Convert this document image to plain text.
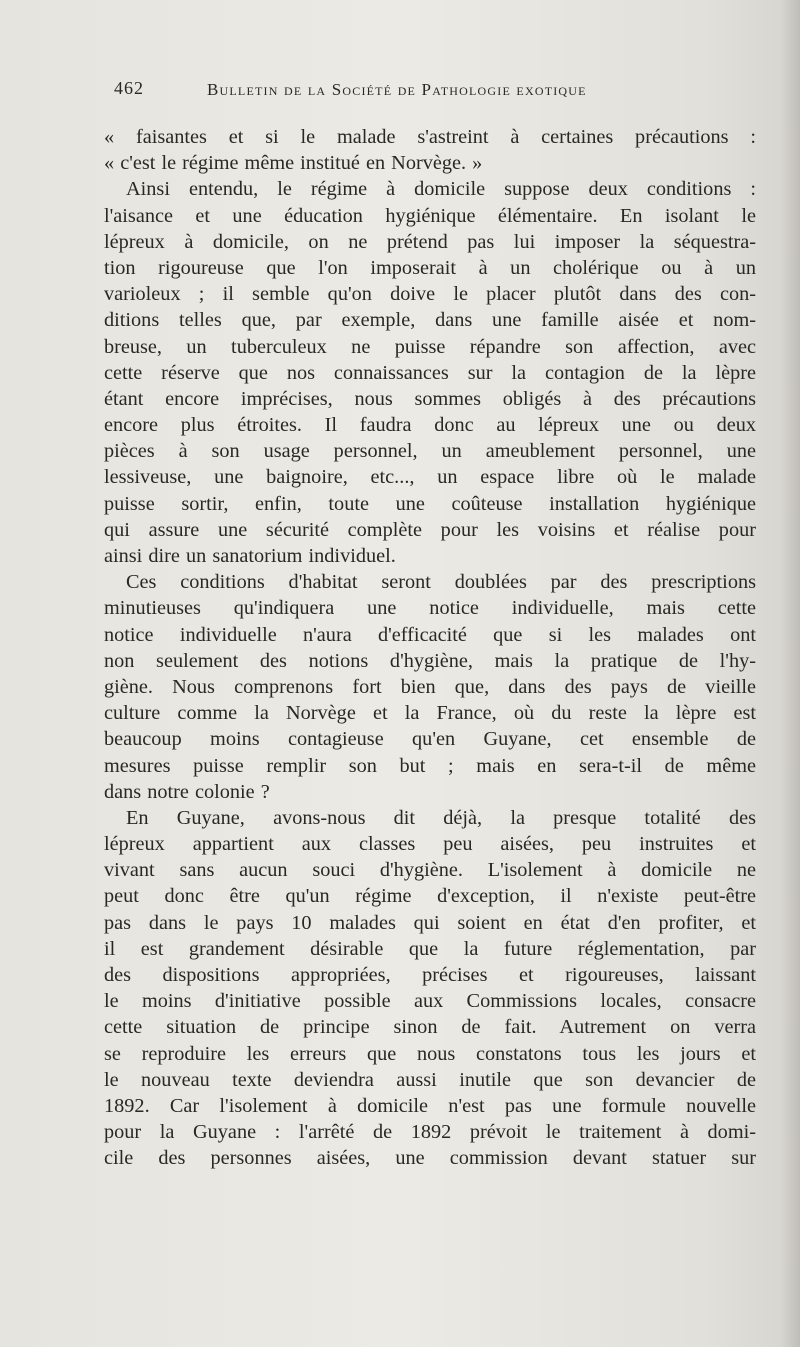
462	Bulletin de la Société de Pathologie exotique
« faisantes et si le malade s'astreint à certaines précautions :
« c'est le régime même institué en Norvège. »
Ainsi entendu, le régime à domicile suppose deux conditions :
l'aisance et une éducation hygiénique élémentaire. En isolant le
lépreux à domicile, on ne prétend pas lui imposer la séquestra-
tion rigoureuse que l'on imposerait à un cholérique ou à un
varioleux ; il semble qu'on doive le placer plutôt dans des con-
ditions telles que, par exemple, dans une famille aisée et nom-
breuse, un tuberculeux ne puisse répandre son affection, avec
cette réserve que nos connaissances sur la contagion de la lèpre
étant encore imprécises, nous sommes obligés à des précautions
encore plus étroites. Il faudra donc au lépreux une ou deux
pièces à son usage personnel, un ameublement personnel, une
lessiveuse, une baignoire, etc..., un espace libre où le malade
puisse sortir, enfin, toute une coûteuse installation hygiénique
qui assure une sécurité complète pour les voisins et réalise pour
ainsi dire un sanatorium individuel.
Ces conditions d'habitat seront doublées par des prescriptions
minutieuses qu'indiquera une notice individuelle, mais cette
notice individuelle n'aura d'efficacité que si les malades ont
non seulement des notions d'hygiène, mais la pratique de l'hy-
giène. Nous comprenons fort bien que, dans des pays de vieille
culture comme la Norvège et la France, où du reste la lèpre est
beaucoup moins contagieuse qu'en Guyane, cet ensemble de
mesures puisse remplir son but ; mais en sera-t-il de même
dans notre colonie ?
En Guyane, avons-nous dit déjà, la presque totalité des
lépreux appartient aux classes peu aisées, peu instruites et
vivant sans aucun souci d'hygiène. L'isolement à domicile ne
peut donc être qu'un régime d'exception, il n'existe peut-être
pas dans le pays 10 malades qui soient en état d'en profiter, et
il est grandement désirable que la future réglementation, par
des dispositions appropriées, précises et rigoureuses, laissant
le moins d'initiative possible aux Commissions locales, consacre
cette situation de principe sinon de fait. Autrement on verra
se reproduire les erreurs que nous constatons tous les jours et
le nouveau texte deviendra aussi inutile que son devancier de
1892. Car l'isolement à domicile n'est pas une formule nouvelle
pour la Guyane : l'arrêté de 1892 prévoit le traitement à domi-
cile des personnes aisées, une commission devant statuer sur
